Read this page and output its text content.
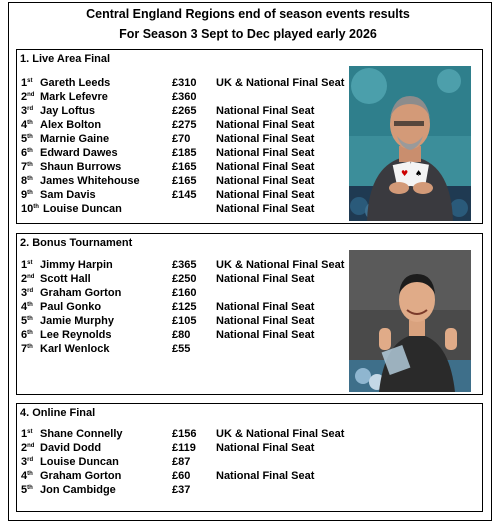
Central England Regions end of season events results
For Season 3 Sept to Dec played early 2026
1. Live Area Final
1st Gareth Leeds	£310 UK & National Final Seat
2nd Mark Lefevre	£360
3rd Jay Loftus	£265 National Final Seat
4th Alex Bolton	£275 National Final Seat
5th Marnie Gaine	£70 National Final Seat
6th Edward Dawes	£185 National Final Seat
7th Shaun Burrows	£165 National Final Seat
8th James Whitehouse	£165 National Final Seat
9th Sam Davis	£145 National Final Seat
10th Louise Duncan	National Final Seat
♥ ♠
2. Bonus Tournament
1st Jimmy Harpin	£365 UK & National Final Seat
2nd Scott Hall	£250 National Final Seat
3rd Graham Gorton	£160
4th Paul Gonko	£125 National Final Seat
5th Jamie Murphy	£105 National Final Seat
6th Lee Reynolds	£80 National Final Seat
7th Karl Wenlock	£55
4. Online Final
1st Shane Connelly	£156 UK & National Final Seat
2nd David Dodd	£119 National Final Seat
3rd Louise Duncan	£87
4th Graham Gorton	£60 National Final Seat
5th Jon Cambidge	£37
